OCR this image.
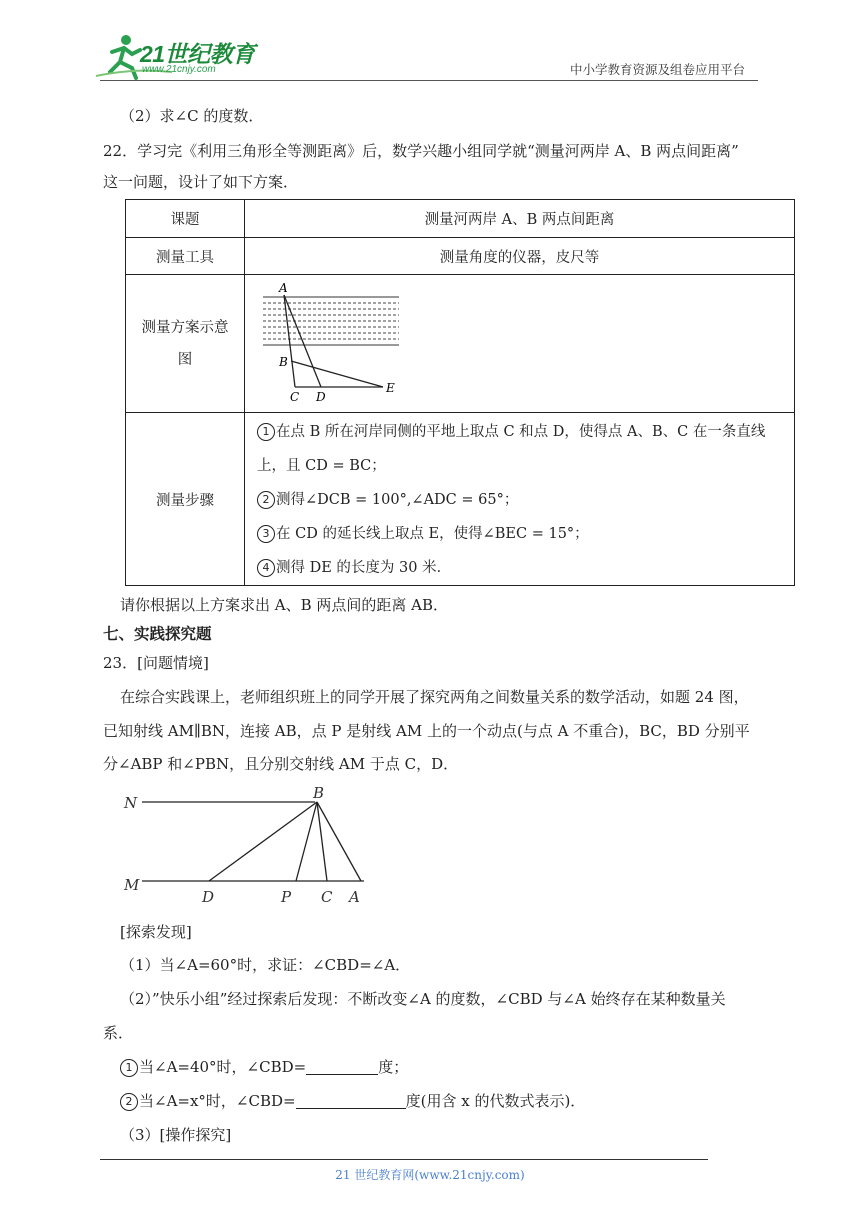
21世纪教育
www.21cnjy.com	中小学教育资源及组卷应用平台
（2）求∠C 的度数．
22．学习完《利用三角形全等测距离》后，数学兴趣小组同学就“测量河两岸 A、B 两点间距离”
这一问题，设计了如下方案．
课题	测量河两岸 A、B 两点间距离
测量工具	测量角度的仪器，皮尺等
测量方案示意
图	A
B
C D
E

测量步骤	1 在点 B 所在河岸同侧的平地上取点 C 和点 D，使得点 A、B、C 在一条直线
上，且 CD = BC；
2 测得∠DCB = 100°,∠ADC = 65°；
3 在 CD 的延长线上取点 E，使得∠BEC = 15°；
4 测得 DE 的长度为 30 米．
请你根据以上方案求出 A、B 两点间的距离 AB．
七、实践探究题
23．[问题情境]
在综合实践课上，老师组织班上的同学开展了探究两角之间数量关系的数学活动，如题 24 图，
已知射线 AM∥BN，连接 AB，点 P 是射线 AM 上的一个动点(与点 A 不重合)，BC，BD 分别平
分∠ABP 和∠PBN，且分别交射线 AM 于点 C，D．
N
B
M
D	P C A
[探索发现]
（1）当∠A=60°时，求证：∠CBD=∠A．
（2）”快乐小组”经过探索后发现：不断改变∠A 的度数，∠CBD 与∠A 始终存在某种数量关
系．
1 当∠A=40°时，∠CBD=	度；
2 当∠A=x°时，∠CBD=	度(用含 x 的代数式表示)．
（3）[操作探究]
21 世纪教育网(www.21cnjy.com)
